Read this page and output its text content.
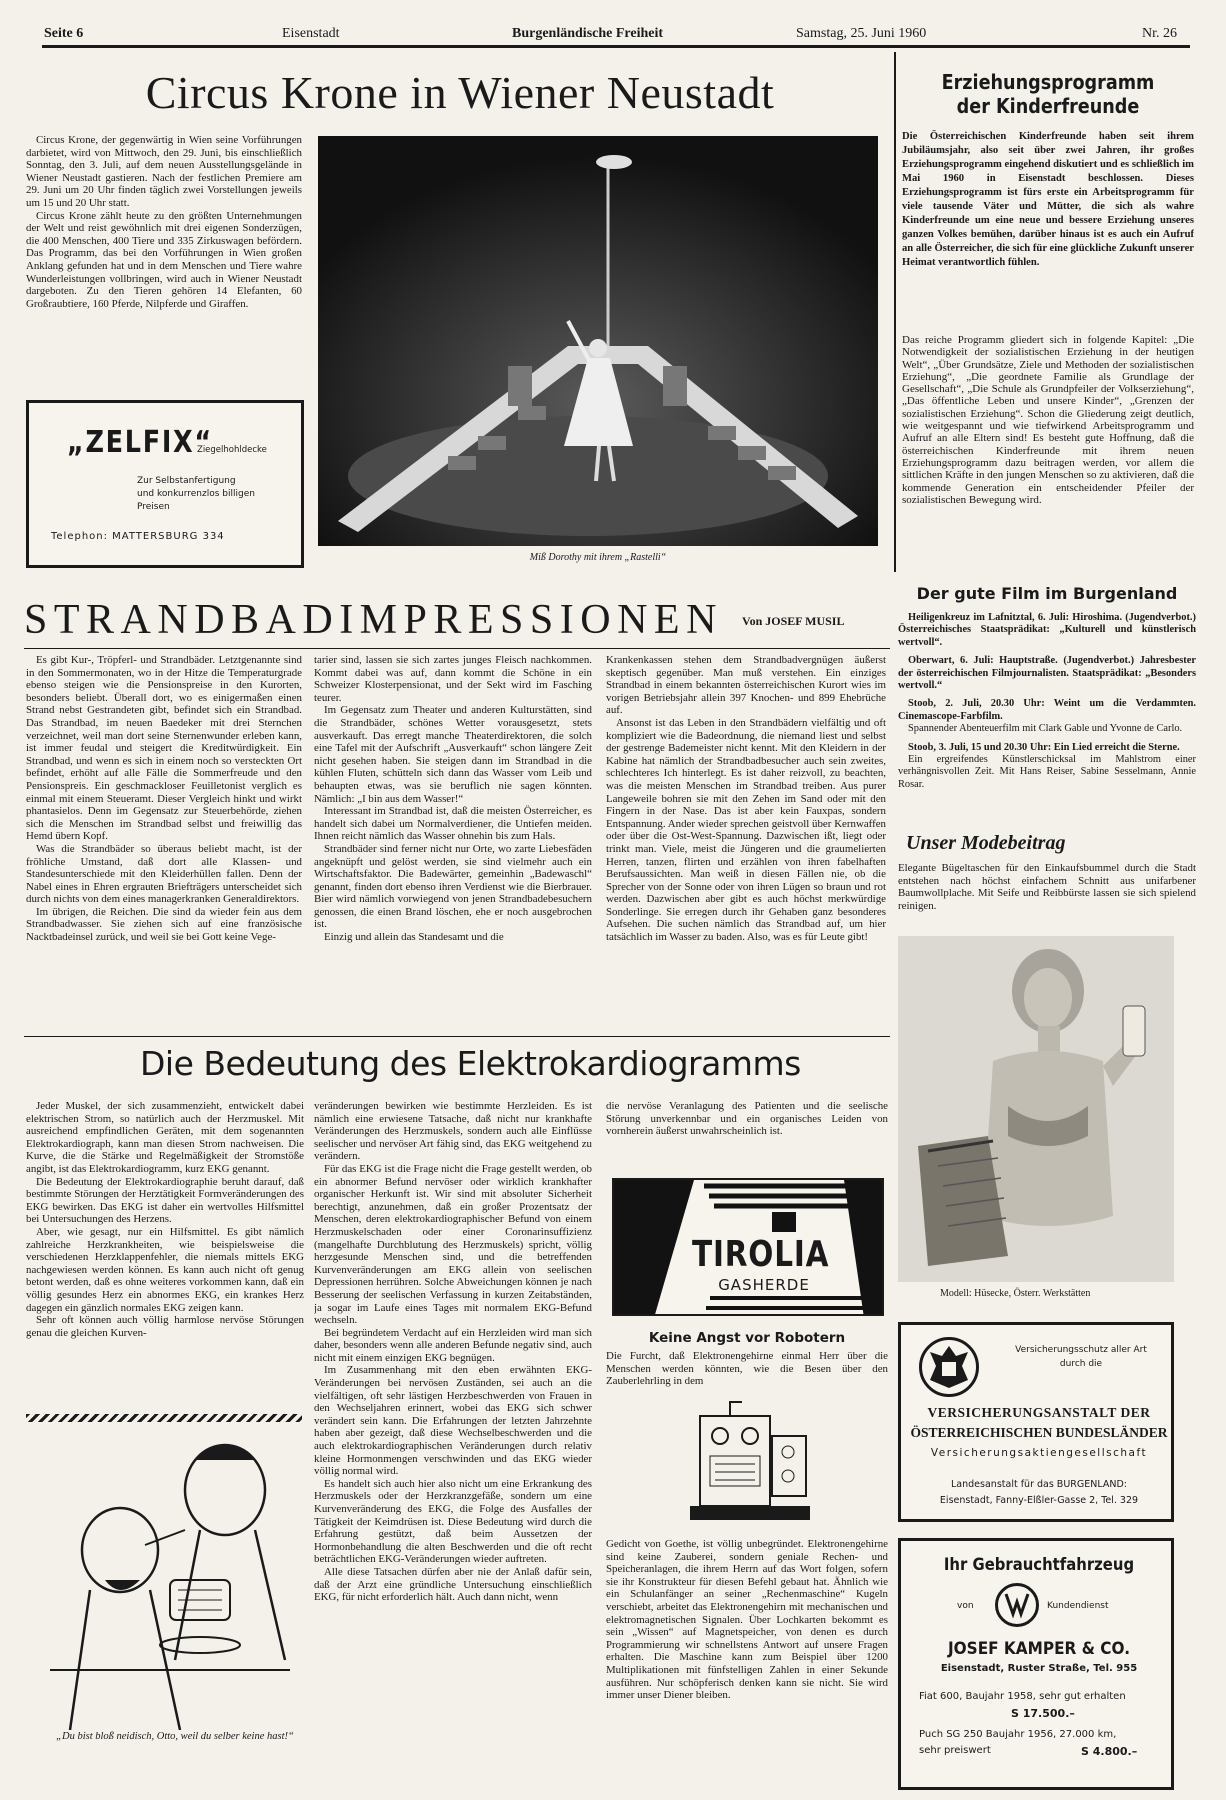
Seite 6	Eisenstadt	Burgenländische Freiheit	Samstag, 25. Juni 1960	Nr. 26
Circus Krone in Wiener Neustadt

Circus Krone, der gegenwärtig in Wien seine Vorführungen darbietet, wird von Mittwoch, den 29. Juni, bis einschließlich Sonntag, den 3. Juli, auf dem neuen Ausstellungsgelände in Wiener Neustadt gastieren. Nach der festlichen Premiere am 29. Juni um 20 Uhr finden täglich zwei Vorstellungen jeweils um 15 und 20 Uhr statt.

Circus Krone zählt heute zu den größten Unternehmungen der Welt und reist gewöhnlich mit drei eigenen Sonderzügen, die 400 Menschen, 400 Tiere und 335 Zirkuswagen befördern. Das Programm, das bei den Vorführungen in Wien großen Anklang gefunden hat und in dem Menschen und Tiere wahre Wunderleistungen vollbringen, wird auch in Wiener Neustadt dargeboten. Zu den Tieren gehören 14 Elefanten, 60 Großraubtiere, 160 Pferde, Nilpferde und Giraffen.

Miß Dorothy mit ihrem „Rastelli“
„ZELFIX“
Ziegelhohldecke
Zur Selbstanfertigung
und konkurrenzlos billigen
Preisen
Telephon: MATTERSBURG 334
Erziehungsprogramm
der Kinderfreunde
Die Österreichischen Kinderfreunde haben seit ihrem Jubiläumsjahr, also seit über zwei Jahren, ihr großes Erziehungsprogramm eingehend diskutiert und es schließlich im Mai 1960 in Eisenstadt beschlossen. Dieses Erziehungsprogramm ist fürs erste ein Arbeitsprogramm für viele tausende Väter und Mütter, die sich als wahre Kinderfreunde um eine neue und bessere Erziehung unseres ganzen Volkes bemühen, darüber hinaus ist es auch ein Aufruf an alle Österreicher, die sich für eine glückliche Zukunft unserer Heimat verantwortlich fühlen.
Das reiche Programm gliedert sich in folgende Kapitel: „Die Notwendigkeit der sozialistischen Erziehung in der heutigen Welt“, „Über Grundsätze, Ziele und Methoden der sozialistischen Erziehung“, „Die geordnete Familie als Grundlage der Gesellschaft“, „Die Schule als Grundpfeiler der Volkserziehung“, „Das öffentliche Leben und unsere Kinder“, „Grenzen der sozialistischen Erziehung“. Schon die Gliederung zeigt deutlich, wie weitgespannt und wie tiefwirkend Arbeitsprogramm und Aufruf an alle Eltern sind! Es besteht gute Hoffnung, daß die österreichischen Kinderfreunde mit ihrem neuen Erziehungsprogramm dazu beitragen werden, vor allem die sittlichen Kräfte in den jungen Menschen so zu aktivieren, daß die kommende Generation ein entscheidender Pfeiler der sozialistischen Bewegung wird.
Der gute Film im Burgenland

Heiligenkreuz im Lafnitztal, 6. Juli: Hiroshima. (Jugendverbot.) Österreichisches Staatsprädikat: „Kulturell und künstlerisch wertvoll“.

Oberwart, 6. Juli: Hauptstraße. (Jugendverbot.) Jahresbester der österreichischen Filmjournalisten. Staatsprädikat: „Besonders wertvoll.“

Stoob, 2. Juli, 20.30 Uhr: Weint um die Verdammten. Cinemascope-Farbfilm.

Spannender Abenteuerfilm mit Clark Gable und Yvonne de Carlo.

Stoob, 3. Juli, 15 und 20.30 Uhr: Ein Lied erreicht die Sterne.

Ein ergreifendes Künstlerschicksal im Mahlstrom einer verhängnisvollen Zeit. Mit Hans Reiser, Sabine Sesselmann, Annie Rosar.

Unser Modebeitrag
Elegante Bügeltaschen für den Einkaufsbummel durch die Stadt entstehen nach höchst einfachem Schnitt aus unifarbener Baumwollplache. Mit Seife und Reibbürste lassen sie sich spielend reinigen.
Modell: Hüsecke, Österr. Werkstätten
STRANDBADIMPRESSIONEN Von JOSEF MUSIL

Es gibt Kur-, Tröpferl- und Strandbäder. Letztgenannte sind in den Sommermonaten, wo in der Hitze die Temperaturgrade ebenso steigen wie die Pensionspreise in den Kurorten, besonders beliebt. Überall dort, wo es einigermaßen einen Strand nebst Gestrandeten gibt, befindet sich ein Strandbad. Das Strandbad, im neuen Baedeker mit drei Sternchen verzeichnet, weil man dort seine Sternenwunder erleben kann, ist immer feudal und steigert die Kreditwürdigkeit. Ein Strandbad, und wenn es sich in einem noch so versteckten Ort befindet, erhöht auf alle Fälle die Sommerfreude und den Pensionspreis. Ein geschmackloser Feuilletonist verglich es einmal mit einem Steueramt. Dieser Vergleich hinkt und wirkt phantasielos. Denn im Gegensatz zur Steuerbehörde, ziehen sich die Menschen im Strandbad selbst und freiwillig das Hemd übern Kopf.

Was die Strandbäder so überaus beliebt macht, ist der fröhliche Umstand, daß dort alle Klassen- und Standesunterschiede mit den Kleiderhüllen fallen. Denn der Nabel eines in Ehren ergrauten Briefträgers unterscheidet sich durch nichts von dem eines managerkranken Generaldirektors.

Im übrigen, die Reichen. Die sind da wieder fein aus dem Strandbadwasser. Sie ziehen sich auf eine französische Nacktbadeinsel zurück, und weil sie bei Gott keine Vege-

tarier sind, lassen sie sich zartes junges Fleisch nachkommen. Kommt dabei was auf, dann kommt die Schöne in ein Schweizer Klosterpensionat, und der Sekt wird im Fasching teurer.

Im Gegensatz zum Theater und anderen Kulturstätten, sind die Strandbäder, schönes Wetter vorausgesetzt, stets ausverkauft. Das erregt manche Theaterdirektoren, die solch eine Tafel mit der Aufschrift „Ausverkauft“ schon längere Zeit nicht gesehen haben. Sie steigen dann im Strandbad in die kühlen Fluten, schütteln sich dann das Wasser vom Leib und behaupten etwas, was sie beruflich nie sagen könnten. Nämlich: „I bin aus dem Wasser!“

Interessant im Strandbad ist, daß die meisten Österreicher, es handelt sich dabei um Normalverdiener, die Untiefen meiden. Ihnen reicht nämlich das Wasser ohnehin bis zum Hals.

Strandbäder sind ferner nicht nur Orte, wo zarte Liebesfäden angeknüpft und gelöst werden, sie sind vielmehr auch ein Wirtschaftsfaktor. Die Badewärter, gemeinhin „Badewaschl“ genannt, finden dort ebenso ihren Verdienst wie die Bierbrauer. Bier wird nämlich vorwiegend von jenen Strandbadebesuchern genossen, die einen Brand löschen, ehe er noch ausgebrochen ist.

Einzig und allein das Standesamt und die

Krankenkassen stehen dem Strandbadvergnügen äußerst skeptisch gegenüber. Man muß verstehen. Ein einziges Strandbad in einem bekannten österreichischen Kurort wies im vorigen Betriebsjahr allein 397 Knochen- und 899 Ehebrüche auf.

Ansonst ist das Leben in den Strandbädern vielfältig und oft kompliziert wie die Badeordnung, die niemand liest und selbst der gestrenge Bademeister nicht kennt. Mit den Kleidern in der Kabine hat nämlich der Strandbadbesucher auch sein zweites, schlechteres Ich hinterlegt. Es ist daher reizvoll, zu beachten, was die meisten Menschen im Strandbad treiben. Aus purer Langeweile bohren sie mit den Zehen im Sand oder mit den Fingern in der Nase. Das ist aber kein Fauxpas, sondern Entspannung. Ander wieder sprechen geistvoll über Kernwaffen oder über die Ost-West-Spannung. Dazwischen ißt, liegt oder trinkt man. Viele, meist die Jüngeren und die graumelierten Herren, tanzen, flirten und erzählen von ihren fabelhaften Berufsaussichten. Man weiß in diesen Fällen nie, ob die Sprecher von der Sonne oder von ihren Lügen so braun und rot werden. Dazwischen aber gibt es auch höchst merkwürdige Sonderlinge. Sie erregen durch ihr Gehaben ganz besonderes Aufsehen. Die suchen nämlich das Strandbad auf, um hier tatsächlich im Wasser zu baden. Also, was es für Leute gibt!

Die Bedeutung des Elektrokardiogramms

Jeder Muskel, der sich zusammenzieht, entwickelt dabei elektrischen Strom, so natürlich auch der Herzmuskel. Mit ausreichend empfindlichen Geräten, mit dem sogenannten Elektrokardiograph, kann man diesen Strom nachweisen. Die Kurve, die die Stärke und Regelmäßigkeit der Stromstöße angibt, ist das Elektrokardiogramm, kurz EKG genannt.

Die Bedeutung der Elektrokardiographie beruht darauf, daß bestimmte Störungen der Herztätigkeit Formveränderungen des EKG bewirken. Das EKG ist daher ein wertvolles Hilfsmittel bei Untersuchungen des Herzens.

Aber, wie gesagt, nur ein Hilfsmittel. Es gibt nämlich zahlreiche Herzkrankheiten, wie beispielsweise die verschiedenen Herzklappenfehler, die niemals mittels EKG nachgewiesen werden können. Es kann auch nicht oft genug betont werden, daß es ohne weiteres vorkommen kann, daß ein völlig gesundes Herz ein abnormes EKG, ein krankes Herz dagegen ein gänzlich normales EKG zeigen kann.

Sehr oft können auch völlig harmlose nervöse Störungen genau die gleichen Kurven-

„Du bist bloß neidisch, Otto, weil du selber keine hast!“

veränderungen bewirken wie bestimmte Herzleiden. Es ist nämlich eine erwiesene Tatsache, daß nicht nur krankhafte Veränderungen des Herzmuskels, sondern auch alle Einflüsse seelischer und nervöser Art fähig sind, das EKG weitgehend zu verändern.

Für das EKG ist die Frage nicht die Frage gestellt werden, ob ein abnormer Befund nervöser oder wirklich krankhafter organischer Herkunft ist. Wir sind mit absoluter Sicherheit berechtigt, anzunehmen, daß ein großer Prozentsatz der Menschen, deren elektrokardiographischer Befund von einem Herzmuskelschaden oder einer Coronarinsuffizienz (mangelhafte Durchblutung des Herzmuskels) spricht, völlig herzgesunde Menschen sind, und die betreffenden Kurvenveränderungen am EKG allein von seelischen Depressionen herrühren. Solche Abweichungen können je nach Besserung der seelischen Verfassung in kurzen Zeitabständen, ja sogar im Laufe eines Tages mit normalem EKG-Befund wechseln.

Bei begründetem Verdacht auf ein Herzleiden wird man sich daher, besonders wenn alle anderen Befunde negativ sind, auch nicht mit einem einzigen EKG begnügen.

Im Zusammenhang mit den eben erwähnten EKG-Veränderungen bei nervösen Zuständen, sei auch an die vielfältigen, oft sehr lästigen Herzbeschwerden von Frauen in den Wechseljahren erinnert, wobei das EKG sich schwer verändert sein kann. Die Erfahrungen der letzten Jahrzehnte haben aber gezeigt, daß diese Wechselbeschwerden und die auch elektrokardiographischen Veränderungen durch relativ kleine Hormonmengen verschwinden und das EKG wieder völlig normal wird.

Es handelt sich auch hier also nicht um eine Erkrankung des Herzmuskels oder der Herzkranzgefäße, sondern um eine Kurvenveränderung des EKG, die Folge des Ausfalles der Tätigkeit der Keimdrüsen ist. Diese Bedeutung wird durch die Erfahrung gestützt, daß beim Aussetzen der Hormonbehandlung die alten Beschwerden und die oft recht beträchtlichen EKG-Veränderungen wieder auftreten.

Alle diese Tatsachen dürfen aber nie der Anlaß dafür sein, daß der Arzt eine gründliche Untersuchung einschließlich EKG, für nicht erforderlich hält. Auch dann nicht, wenn

die nervöse Veranlagung des Patienten und die seelische Störung unverkennbar und ein organisches Leiden von vornherein äußerst unwahrscheinlich ist.
TIROLIA
GASHERDE
Keine Angst vor Robotern
Die Furcht, daß Elektronengehirne einmal Herr über die Menschen werden könnten, wie die Besen über den Zauberlehrling in dem
Gedicht von Goethe, ist völlig unbegründet. Elektronengehirne sind keine Zauberei, sondern geniale Rechen- und Speicheranlagen, die ihrem Herrn auf das Wort folgen, sofern sie ihr Konstrukteur für diesen Befehl gebaut hat. Ähnlich wie ein Schulanfänger an seiner „Rechenmaschine“ Kugeln verschiebt, arbeitet das Elektronengehirn mit mechanischen und elektromagnetischen Signalen. Über Lochkarten bekommt es sein „Wissen“ auf Magnetspeicher, von denen es durch Programmierung wir schnellstens Antwort auf unsere Fragen erhalten. Die Maschine kann zum Beispiel über 1200 Multiplikationen mit fünfstelligen Zahlen in einer Sekunde ausführen. Nur schöpferisch denken kann sie nicht. Sie wird immer unser Diener bleiben.
Versicherungsschutz aller Art
durch die
VERSICHERUNGSANSTALT DER
ÖSTERREICHISCHEN BUNDESLÄNDER
Versicherungsaktiengesellschaft
Landesanstalt für das BURGENLAND:
Eisenstadt, Fanny-Elßler-Gasse 2, Tel. 329
Ihr Gebrauchtfahrzeug
von	Kundendienst
JOSEF KAMPER & CO.
Eisenstadt, Ruster Straße, Tel. 955
Fiat 600, Baujahr 1958, sehr gut erhalten
S 17.500.–
Puch SG 250 Baujahr 1956, 27.000 km,
sehr preiswert	S 4.800.–
